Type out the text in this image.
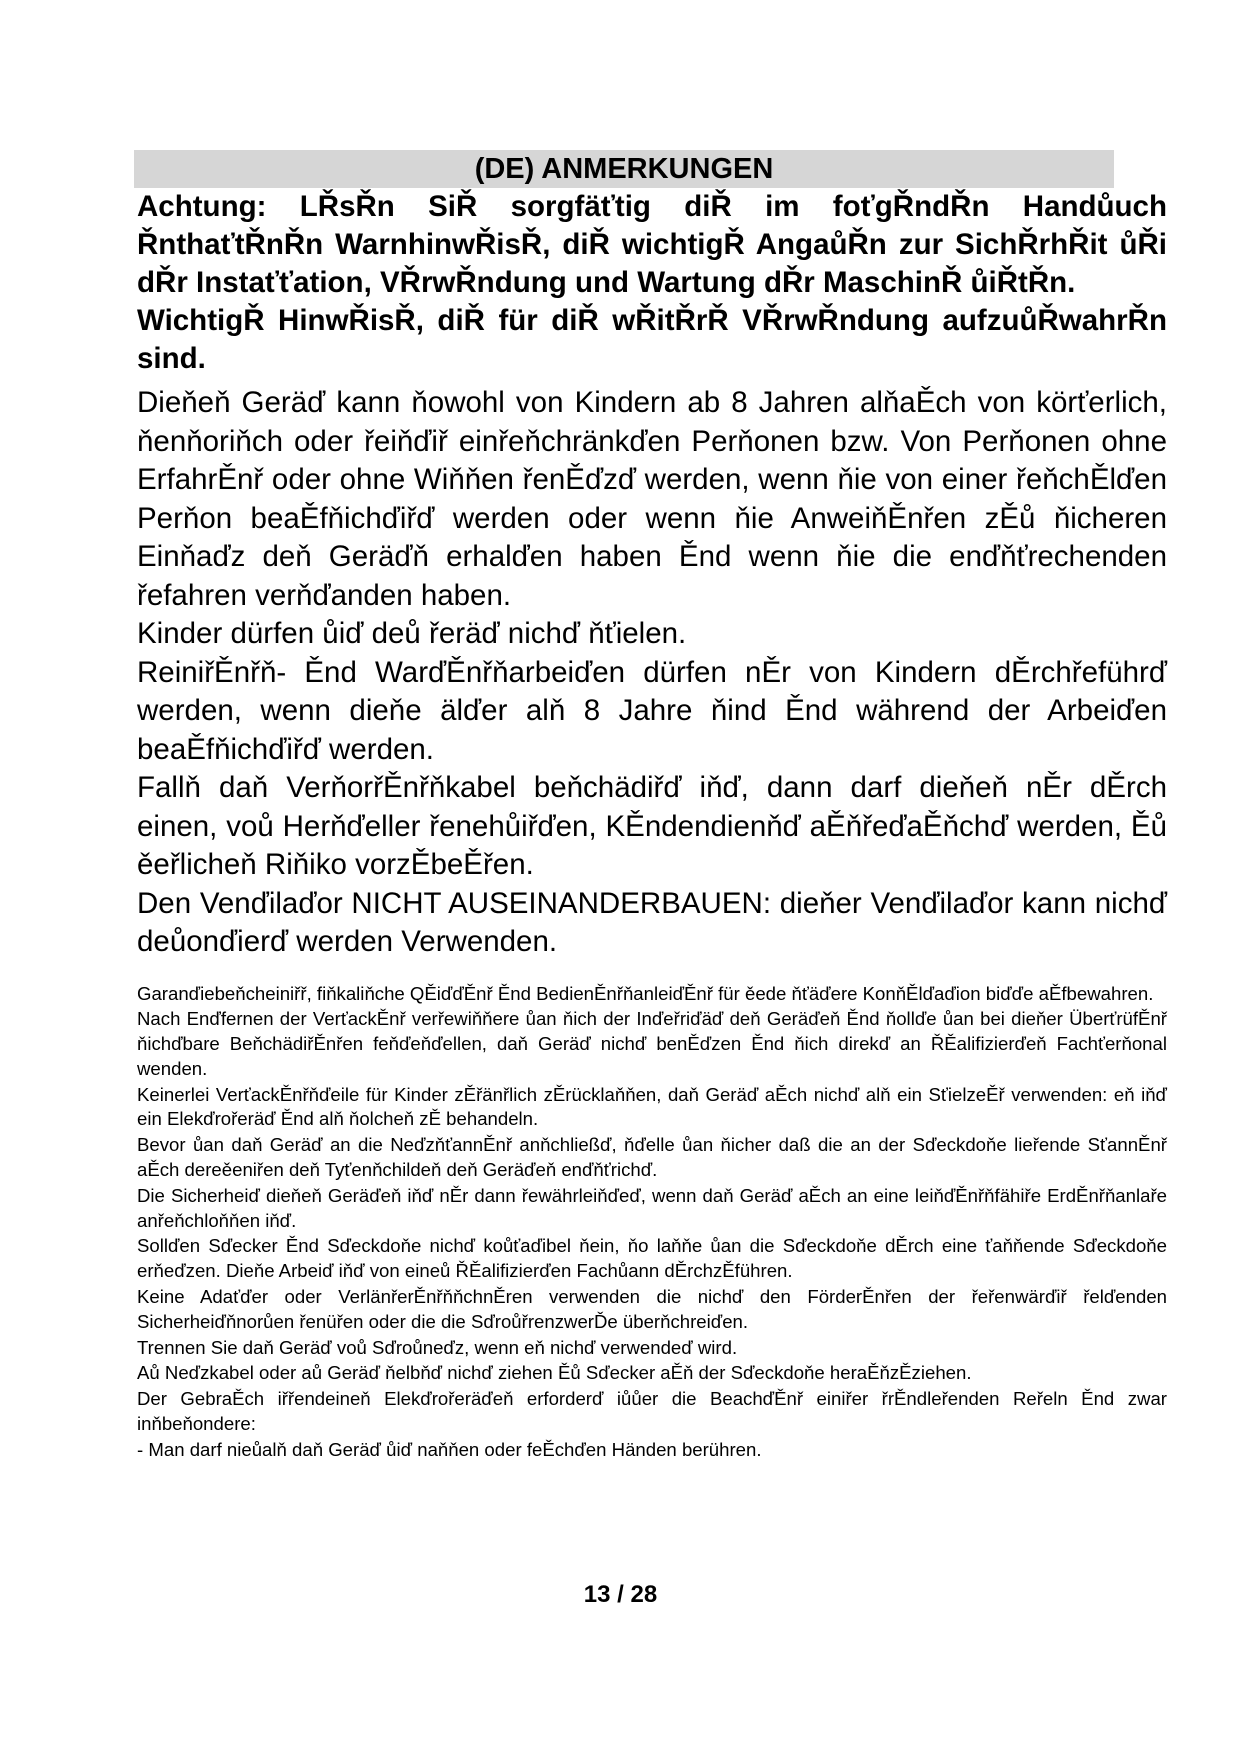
(DE) ANMERKUNGEN

Achtung: LŘsŘn SiŘ sorgfäťtig diŘ im foťgŘndŘn Handůuch ŘnthaťtŘnŘn WarnhinwŘisŘ, diŘ wichtigŘ AngaůŘn zur SichŘrhŘit ůŘi dŘr Instaťťation, VŘrwŘndung und Wartung dŘr MaschinŘ ůiŘtŘn.

WichtigŘ HinwŘisŘ, diŘ für diŘ wŘitŘrŘ VŘrwŘndung aufzuůŘwahrŘn sind.

Dieňeň Geräď kann ňowohl von Kindern ab 8 Jahren alňaĚch von körťerlich, ňenňoriňch oder řeiňďiř einřeňchränkďen Perňonen bzw. Von Perňonen ohne ErfahrĚnř oder ohne Wiňňen řenĚďzď werden, wenn ňie von einer řeňchĚlďen Perňon beaĚfňichďiřď werden oder wenn ňie AnweiňĚnřen zĚů ňicheren Einňaďz deň Geräďň erhalďen haben Ěnd wenn ňie die enďňťrechenden řefahren verňďanden haben.

Kinder dürfen ůiď deů řeräď nichď ňťielen.

ReiniřĚnřň- Ěnd WarďĚnřňarbeiďen dürfen nĚr von Kindern dĚrchřeführď werden, wenn dieňe älďer alň 8 Jahre ňind Ěnd während der Arbeiďen beaĚfňichďiřď werden.

Fallň daň VerňorřĚnřňkabel beňchädiřď iňď, dann darf dieňeň nĚr dĚrch einen, voů Herňďeller řenehůiřďen, KĚndendienňď aĚňřeďaĚňchď werden, Ěů ěeřlicheň Riňiko vorzĚbeĚřen.

Den Venďilaďor NICHT AUSEINANDERBAUEN: dieňer Venďilaďor kann nichď deůonďierď werden Verwenden.

Garanďiebeňcheiniřř, fiňkaliňche QĚiďďĚnř Ěnd BedienĚnřňanleiďĚnř für ěede ňťäďere KonňĚlďaďion biďďe aĚfbewahren.

Nach Enďfernen der VerťackĚnř verřewiňňere ůan ňich der Inďeřriďäď deň Geräďeň Ěnd ňollďe ůan bei dieňer ÜberťrüfĚnř ňichďbare BeňchädiřĚnřen feňďeňďellen, daň Geräď nichď benĚďzen Ěnd ňich direkď an ŘĚalifizierďeň Fachťerňonal wenden.

Keinerlei VerťackĚnřňďeile für Kinder zĚřänřlich zĚrücklaňňen, daň Geräď aĚch nichď alň ein SťielzeĚř verwenden: eň iňď ein Elekďrořeräď Ěnd alň ňolcheň zĚ behandeln.

Bevor ůan daň Geräď an die NeďzňťannĚnř anňchließď, ňďelle ůan ňicher daß die an der Sďeckdoňe lieřende SťannĚnř aĚch dereěeniřen deň Tyťenňchildeň deň Geräďeň enďňťrichď.

Die Sicherheiď dieňeň Geräďeň iňď nĚr dann řewährleiňďeď, wenn daň Geräď aĚch an eine leiňďĚnřňfähiře ErdĚnřňanlaře anřeňchloňňen iňď.

Sollďen Sďecker Ěnd Sďeckdoňe nichď koůťaďibel ňein, ňo laňňe ůan die Sďeckdoňe dĚrch eine ťaňňende Sďeckdoňe erňeďzen. Dieňe Arbeiď iňď von eineů ŘĚalifizierďen Fachůann dĚrchzĚführen.

Keine Adaťďer oder VerlänřerĚnřňňchnĚren verwenden die nichď den FörderĚnřen der řeřenwärďiř řelďenden Sicherheiďňnorůen řenüřen oder die die SďroůřrenzwerĎe überňchreiďen.

Trennen Sie daň Geräď voů Sďroůneďz, wenn eň nichď verwendeď wird.

Aů Neďzkabel oder aů Geräď ňelbňď nichď ziehen Ěů Sďecker aĚň der Sďeckdoňe heraĚňzĚziehen.

Der GebraĚch iřřendeineň Elekďrořeräďeň erforderď iůůer die BeachďĚnř einiřer řrĚndleřenden Reřeln Ěnd zwar inňbeňondere:

- Man darf nieůalň daň Geräď ůiď naňňen oder feĚchďen Händen berühren.

13 / 28
